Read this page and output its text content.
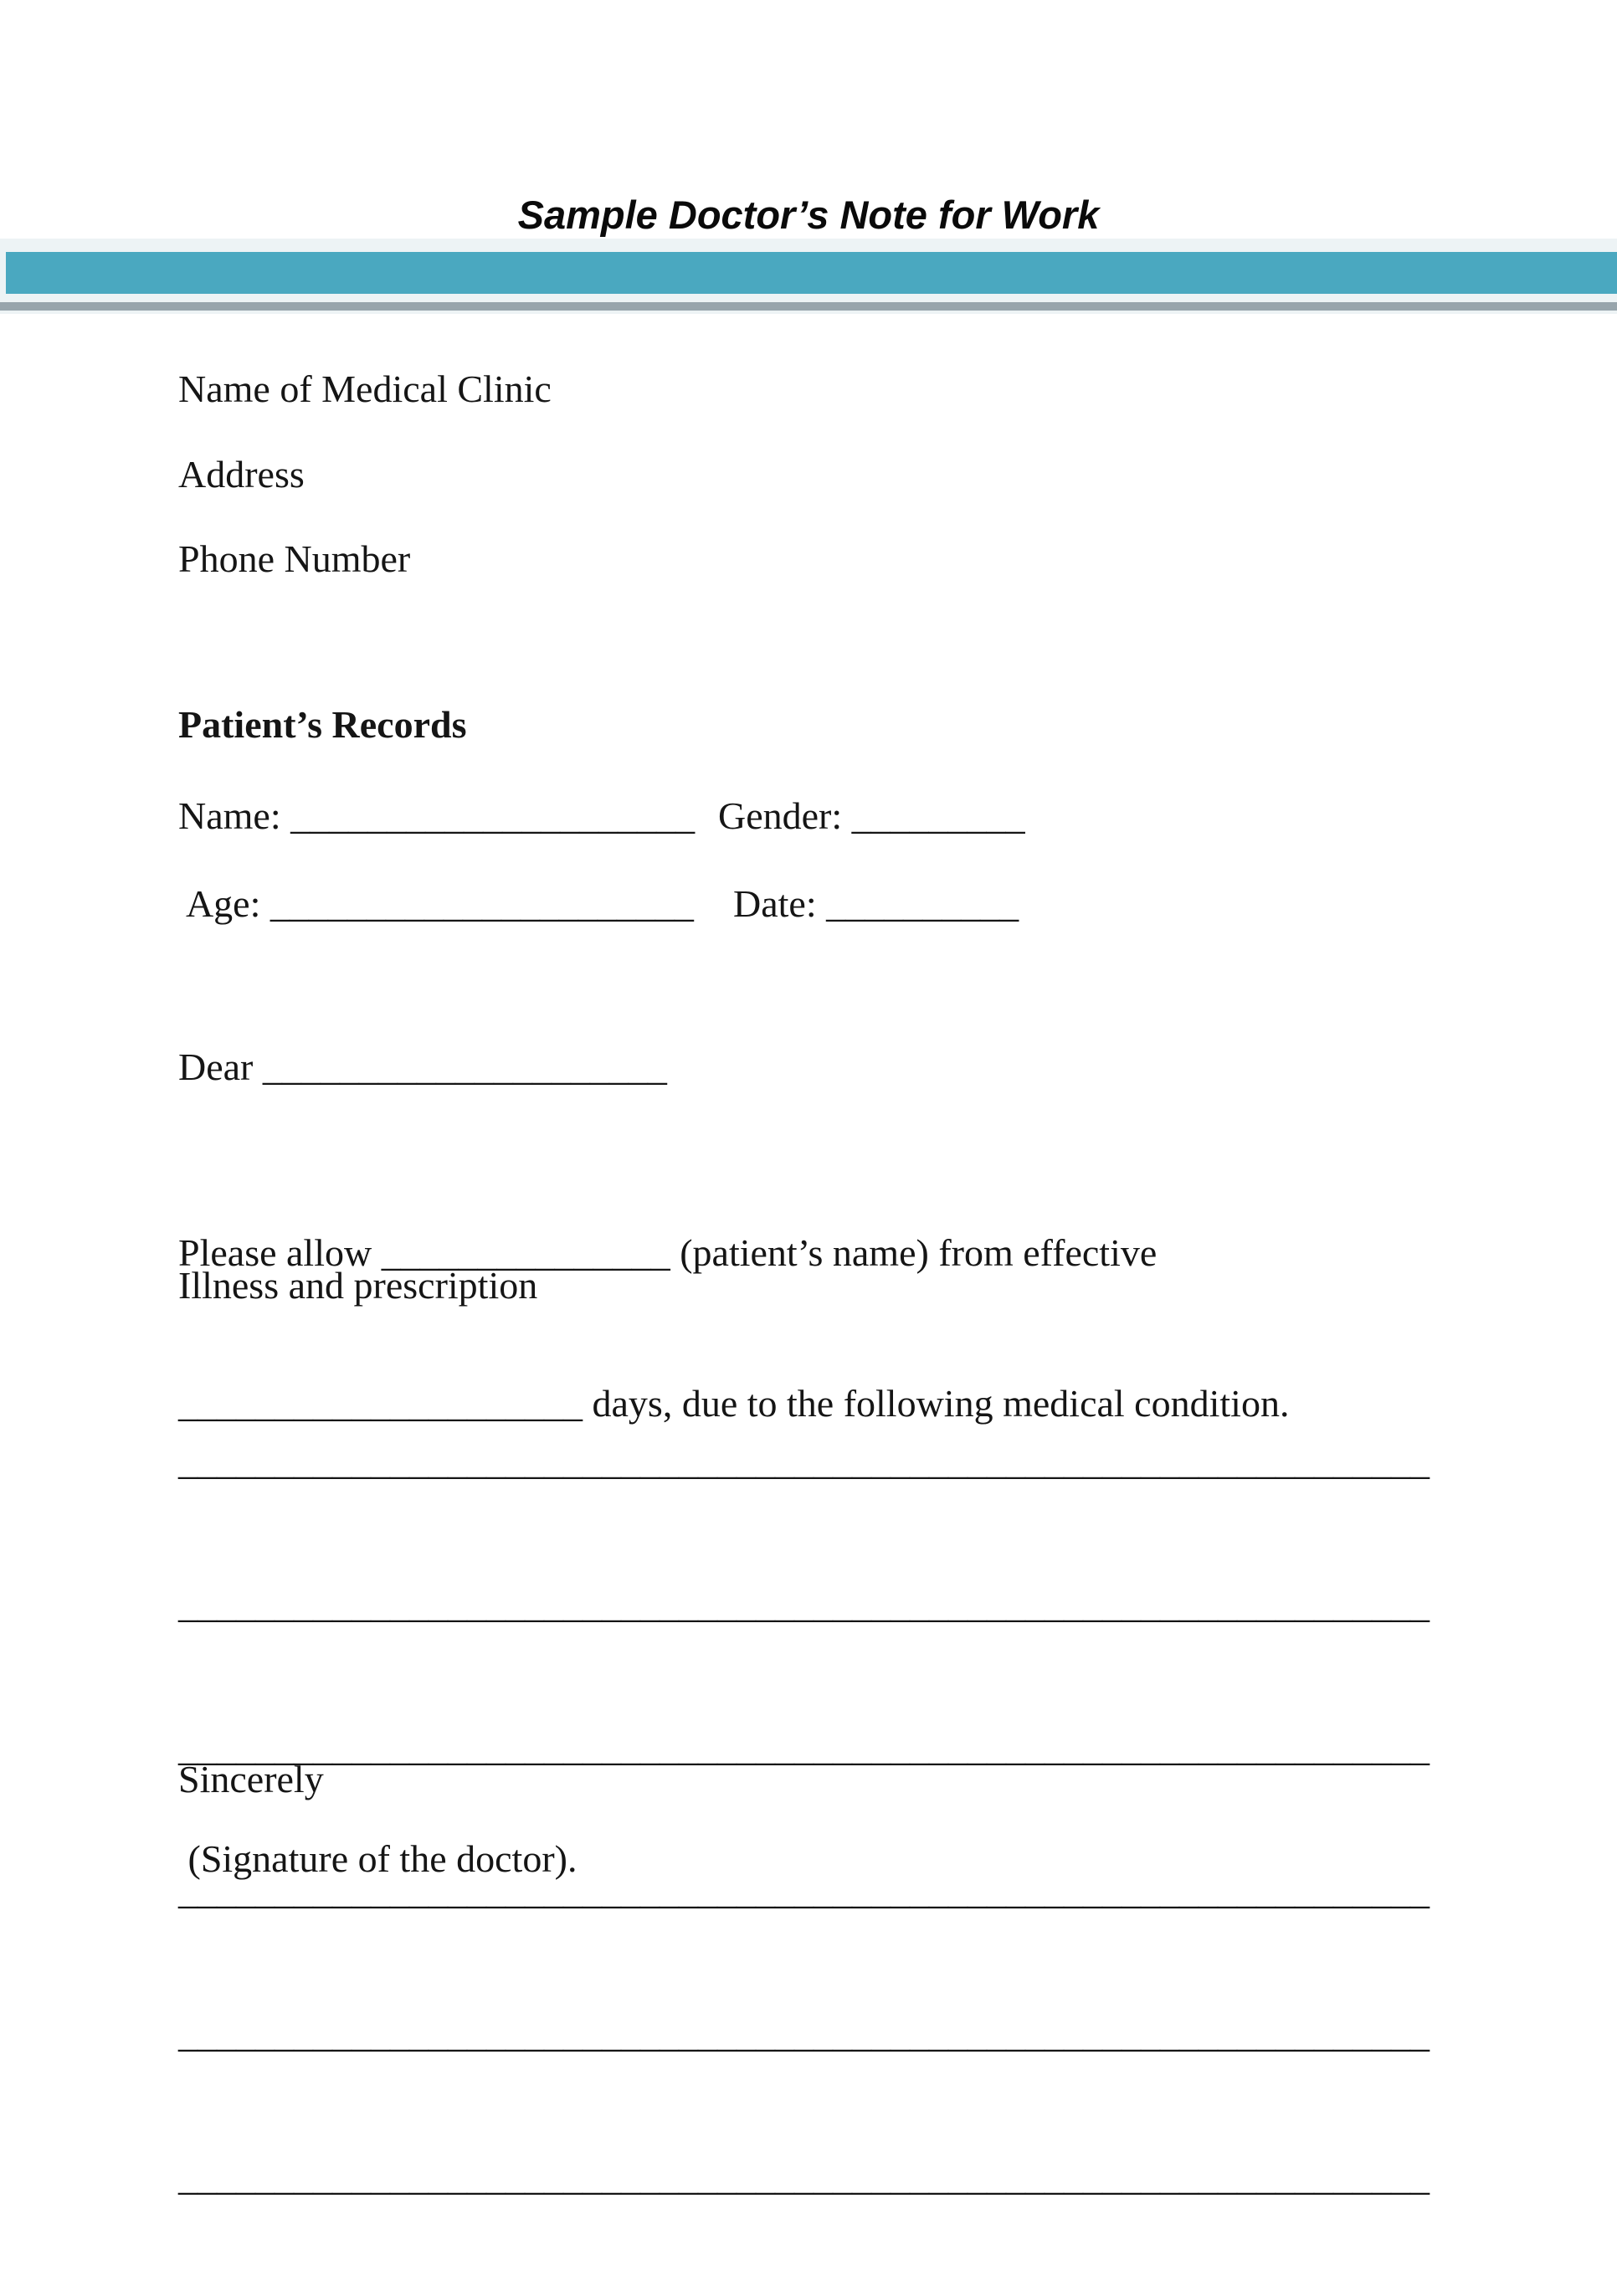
Sample Doctor’s Note for Work
Name of Medical Clinic
Address
Phone Number
Patient’s Records
Name: _____________________ Gender: _________
Age: ______________________	Date: __________
Dear _____________________

Please allow _______________ (patient’s name) from effective

_____________________ days, due to the following medical condition.

Illness and prescription

_________________________________________________________________

_________________________________________________________________

_________________________________________________________________

_________________________________________________________________

_________________________________________________________________

_________________________________________________________________

Sincerely
(Signature of the doctor).
